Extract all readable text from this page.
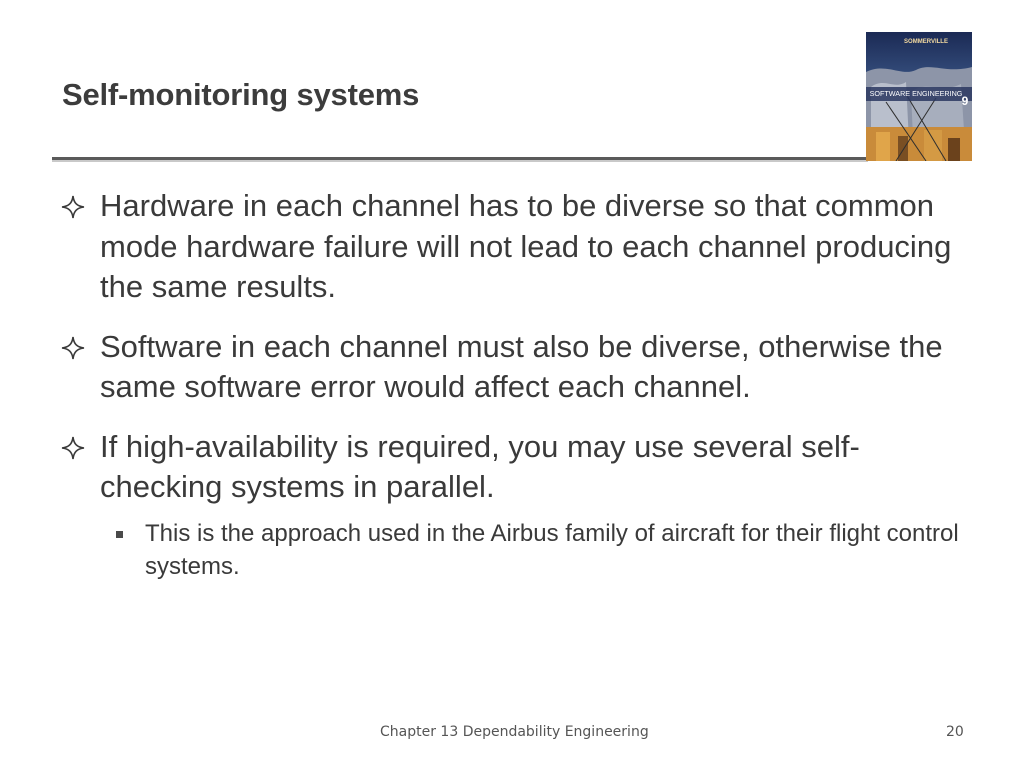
Self-monitoring systems
SOMMERVILLE
SOFTWARE ENGINEERING
9
Hardware in each channel has to be diverse so that common mode hardware failure will not lead to each channel producing the same results.
Software in each channel must also be diverse, otherwise the same software error would affect each channel.
If high-availability is required, you may use several self-checking systems in parallel.
This is the approach used in the Airbus family of aircraft for their flight control systems.
Chapter 13 Dependability Engineering	20
